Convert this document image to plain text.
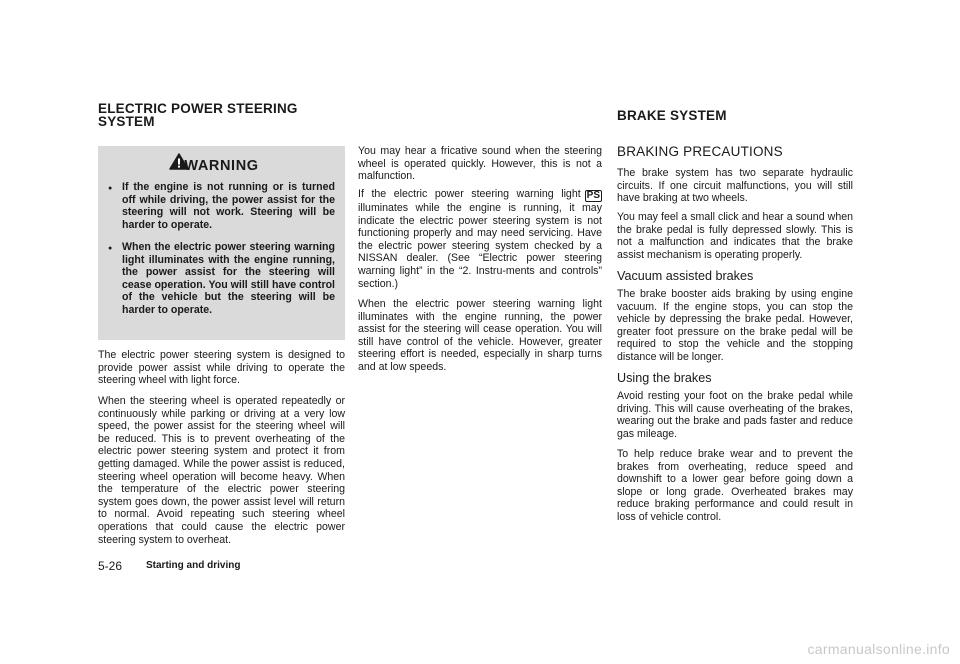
ELECTRIC POWER STEERING
SYSTEM	BRAKE SYSTEM
WARNING
● If the engine is not running or is turned off while driving, the power assist for the steering will not work. Steering will be harder to operate.
● When the electric power steering warning light illuminates with the engine running, the power assist for the steering will cease operation. You will still have control of the vehicle but the steering will be harder to operate.

The electric power steering system is designed to provide power assist while driving to operate the steering wheel with light force.

When the steering wheel is operated repeatedly or continuously while parking or driving at a very low speed, the power assist for the steering wheel will be reduced. This is to prevent overheating of the electric power steering system and protect it from getting damaged. While the power assist is reduced, steering wheel operation will become heavy. When the temperature of the electric power steering system goes down, the power assist level will return to normal. Avoid repeating such steering wheel operations that could cause the electric power steering system to overheat.

You may hear a fricative sound when the steering wheel is operated quickly. However, this is not a malfunction.

If the electric power steering warning light PS illuminates while the engine is running, it may indicate the electric power steering system is not functioning properly and may need servicing. Have the electric power steering system checked by a NISSAN dealer. (See “Electric power steering warning light” in the “2. Instru-ments and controls” section.)

When the electric power steering warning light illuminates with the engine running, the power assist for the steering will cease operation. You will still have control of the vehicle. However, greater steering effort is needed, especially in sharp turns and at low speeds.

BRAKING PRECAUTIONS

The brake system has two separate hydraulic circuits. If one circuit malfunctions, you will still have braking at two wheels.

You may feel a small click and hear a sound when the brake pedal is fully depressed slowly. This is not a malfunction and indicates that the brake assist mechanism is operating properly.

Vacuum assisted brakes

The brake booster aids braking by using engine vacuum. If the engine stops, you can stop the vehicle by depressing the brake pedal. However, greater foot pressure on the brake pedal will be required to stop the vehicle and the stopping distance will be longer.

Using the brakes

Avoid resting your foot on the brake pedal while driving. This will cause overheating of the brakes, wearing out the brake and pads faster and reduce gas mileage.

To help reduce brake wear and to prevent the brakes from overheating, reduce speed and downshift to a lower gear before going down a slope or long grade. Overheated brakes may reduce braking performance and could result in loss of vehicle control.

5-26 Starting and driving
carmanualsonline.info
